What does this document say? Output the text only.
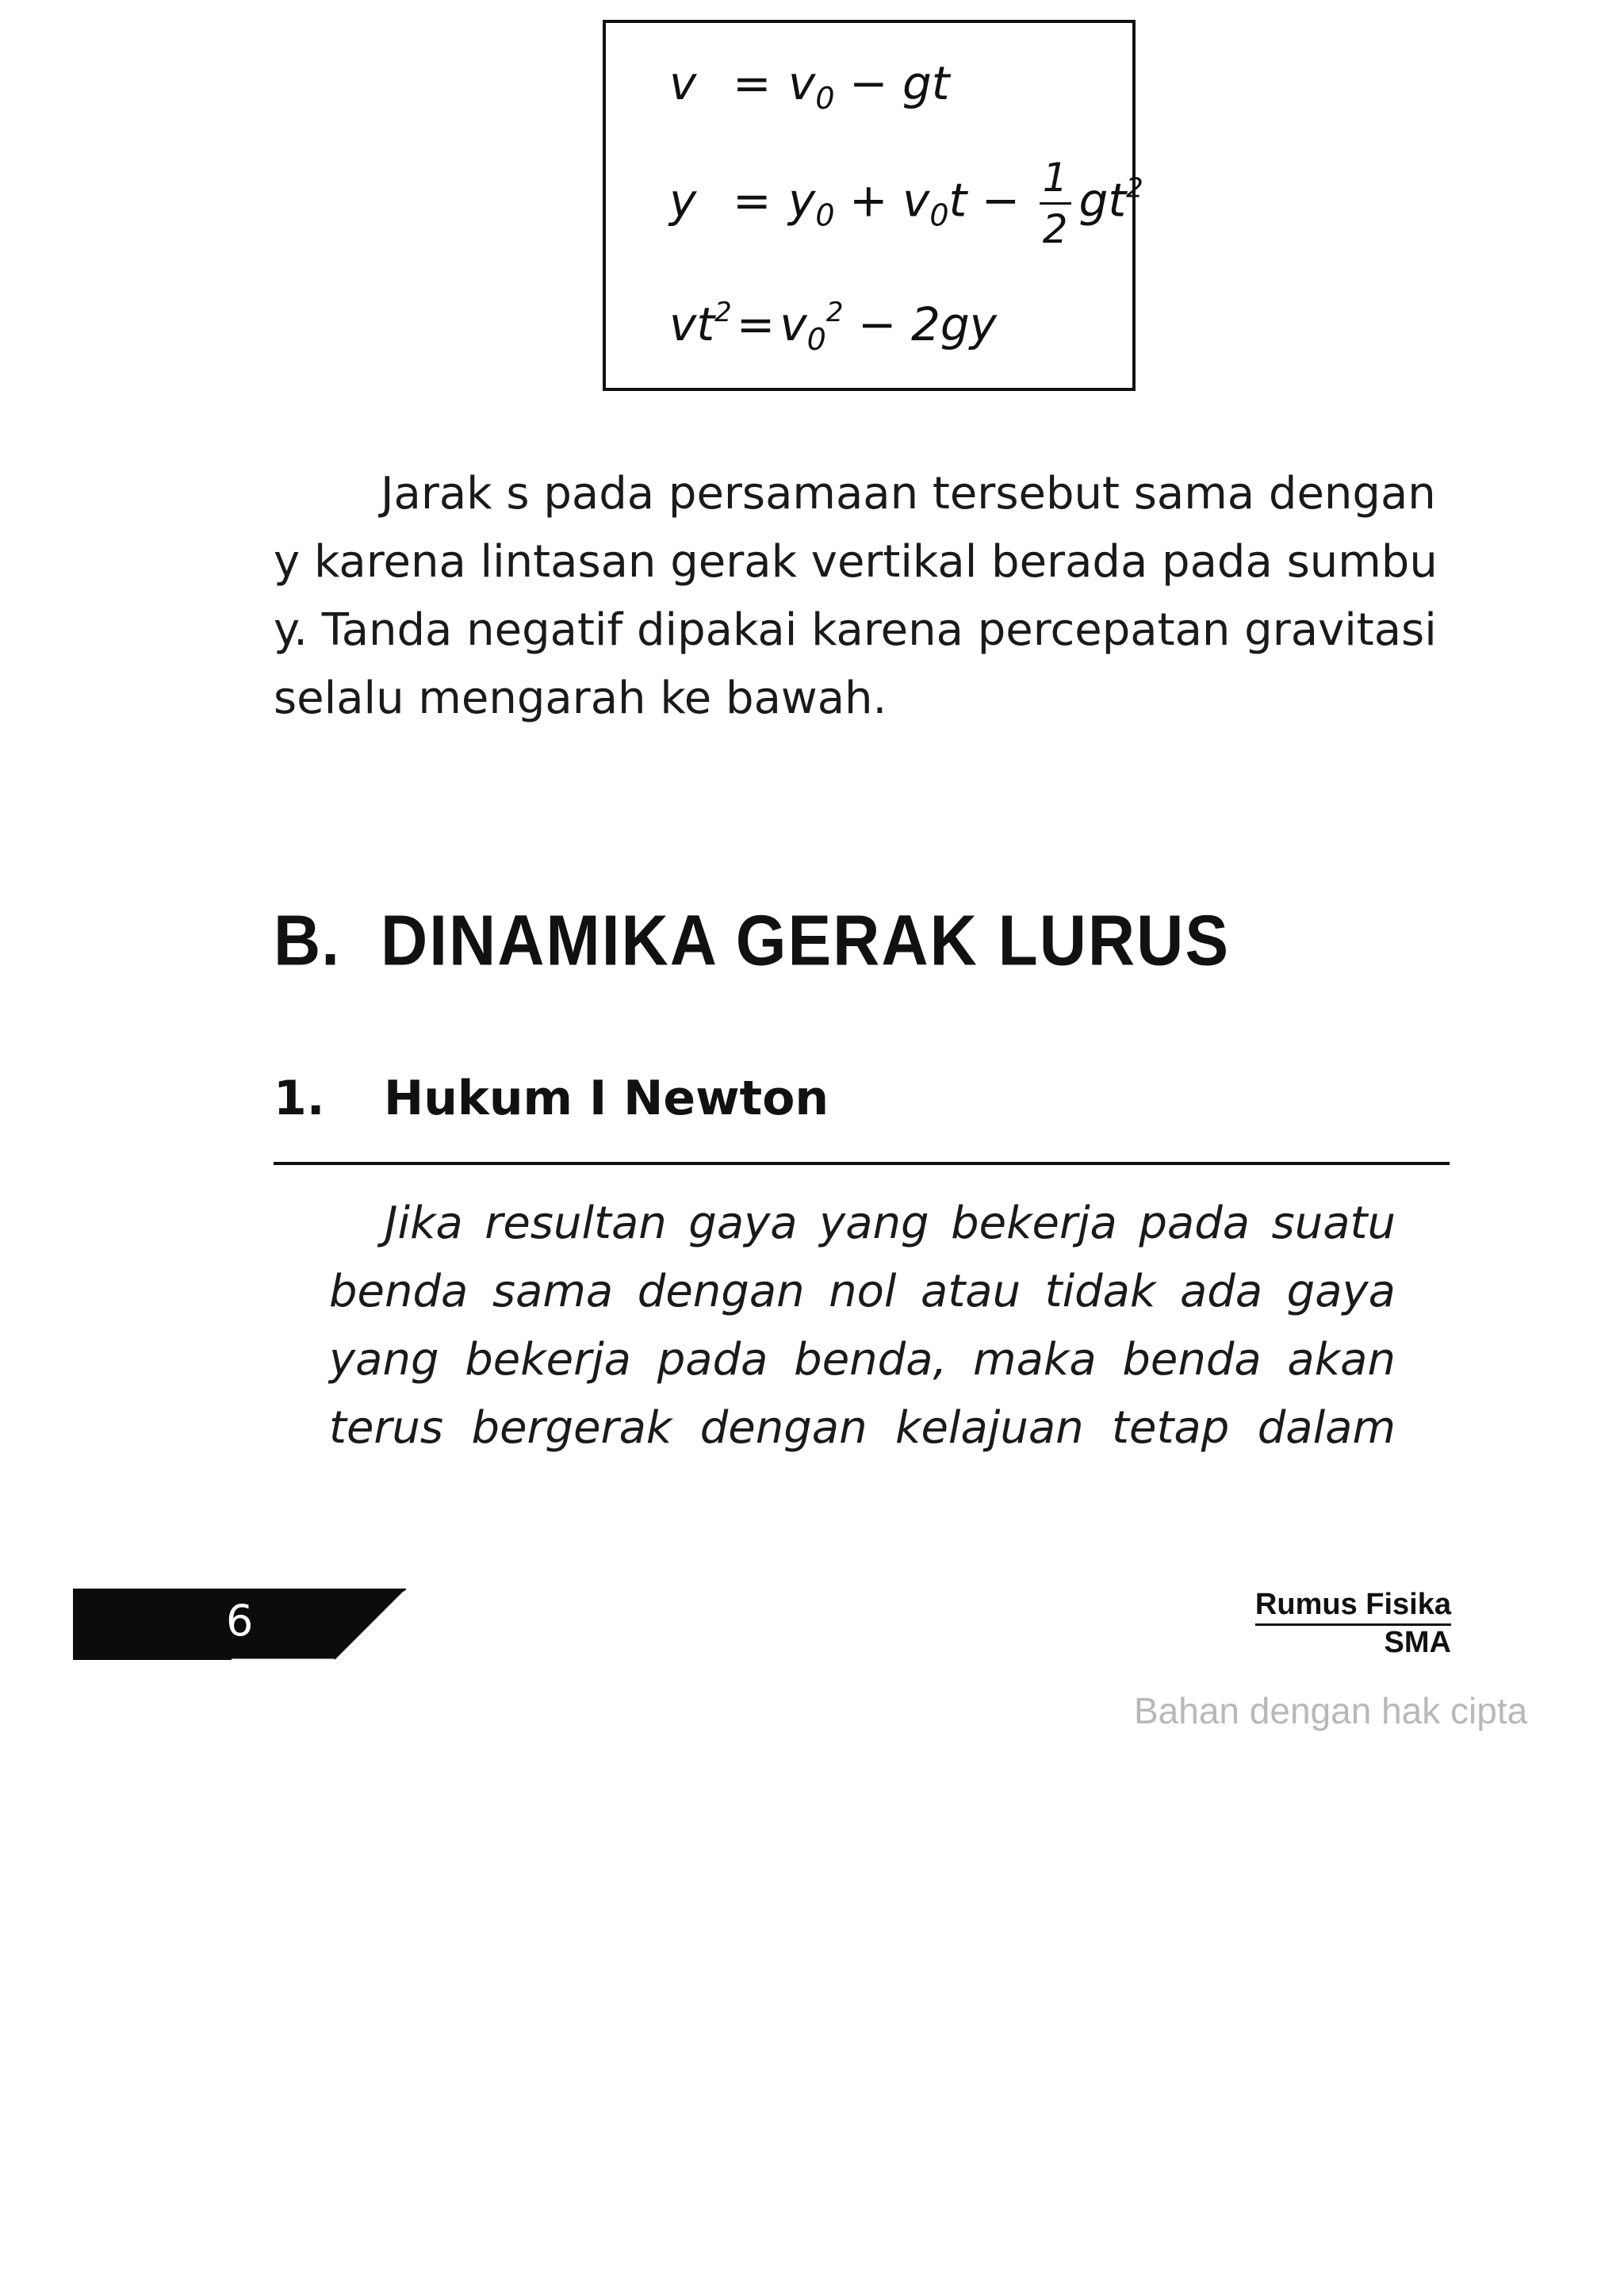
$v = v_0$ − gt
$y = y_0 + v_0t - \frac{1}{2} gt^2$
$vt^2 = v_0^2 - 2gy$
Jarak s pada persamaan tersebut sama dengan
y karena lintasan gerak vertikal berada pada sumbu
y. Tanda negatif dipakai karena percepatan gravitasi
selalu mengarah ke bawah.
B. DINAMIKA GERAK LURUS
1. Hukum I Newton
Jika resultan gaya yang bekerja pada suatu
benda sama dengan nol atau tidak ada gaya
yang bekerja pada benda, maka benda akan
terus bergerak dengan kelajuan tetap dalam
6	Rumus Fisika
SMA
Bahan dengan hak cipta
